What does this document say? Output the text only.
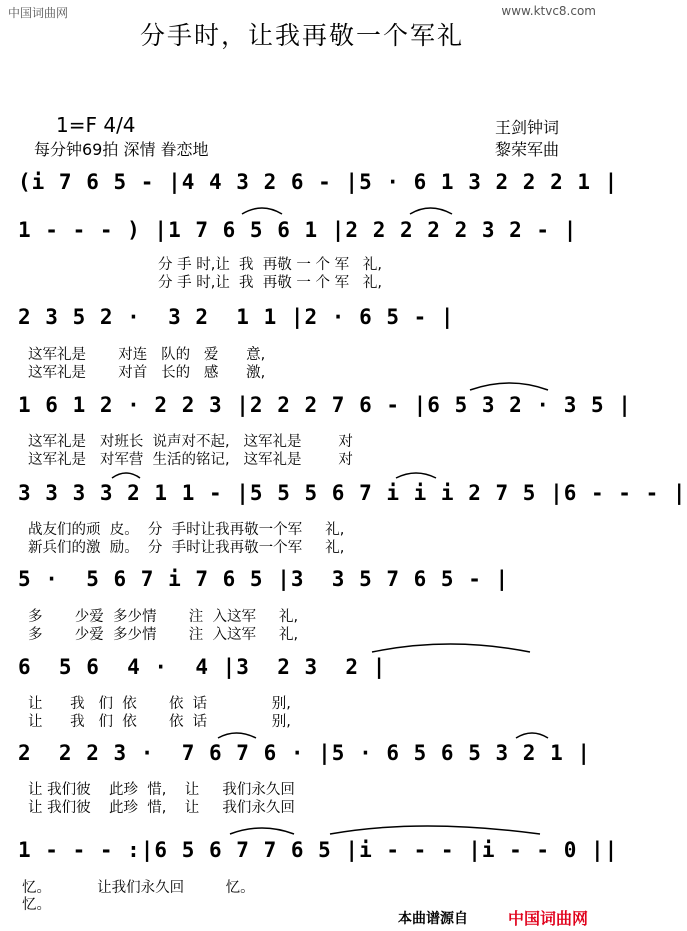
中国词曲网	www.ktvc8.com
分手时，让我再敬一个军礼
1=F 4/4
每分钟69拍 深情 眷恋地
王剑钟词
黎荣军曲
(i 7 6 5 - |4 4 3 2 6 - |5 · 6 1 3 2 2 2 1 |
1 - - - ) |1 7 6 5 6 1 |2 2 2 2 2 3 2 - |
分 手 时,让  我  再敬 一 个 军   礼,
分 手 时,让  我  再敬 一 个 军   礼,
2 3 5 2 ·  3 2  1 1 |2 · 6 5 - |
这军礼是       对连   队的   爱      意,
这军礼是       对首   长的   感      激,
1 6 1 2 · 2 2 3 |2 2 2 7 6 - |6 5 3 2 · 3 5 |
这军礼是   对班长  说声对不起,   这军礼是        对
这军礼是   对军营  生活的铭记,   这军礼是        对
3 3 3 3 2 1 1 - |5 5 5 6 7 i i i 2 7 5 |6 - - - |
战友们的顽  皮。  分  手时让我再敬一个军     礼,
新兵们的激  励。  分  手时让我再敬一个军     礼,
5 ·  5 6 7 i 7 6 5 |3  3 5 7 6 5 - |
多       少爱  多少情       注  入这军     礼,
多       少爱  多少情       注  入这军     礼,
6  5 6  4 ·  4 |3  2 3  2 |
让      我   们  依       依  话              别,
让      我   们  依       依  话              别,
2  2 2 3 ·  7 6 7 6 · |5 · 6 5 6 5 3 2 1 |
让 我们彼    此珍  惜,    让     我们永久回
让 我们彼    此珍  惜,    让     我们永久回
1 - - - :|6 5 6 7 7 6 5 |i - - - |i - - 0 ||
忆。          让我们永久回         忆。
忆。
本曲谱源自	中国词曲网
